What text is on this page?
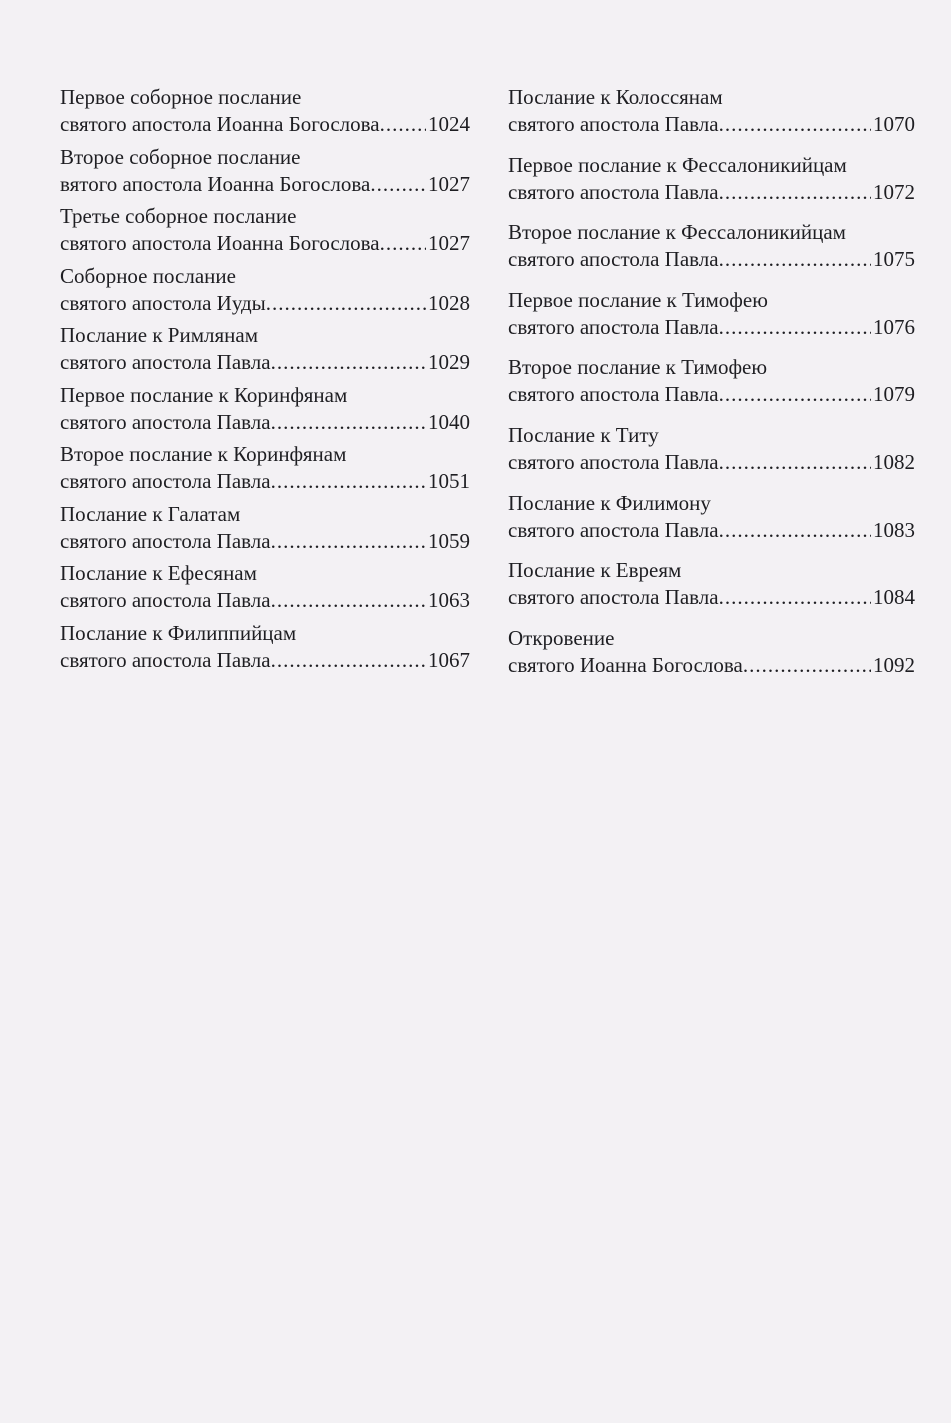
Первое соборное послание
святого апостола Иоанна Богослова ..... 1024
Второе соборное послание
вятого апостола Иоанна Богослова .....	1027
Третье соборное послание
святого апостола Иоанна Богослова ..... 1027
Соборное послание
святого апостола Иуды .....	1028
Послание к Римлянам
святого апостола Павла .....	1029
Первое послание к Коринфянам
святого апостола Павла .....	1040
Второе послание к Коринфянам
святого апостола Павла .....	1051
Послание к Галатам
святого апостола Павла .....	1059
Послание к Ефесянам
святого апостола Павла .....	1063
Послание к Филиппийцам
святого апостола Павла .....	1067
Послание к Колоссянам
святого апостола Павла .....	1070
Первое послание к Фессалоникийцам
святого апостола Павла .....	1072
Второе послание к Фессалоникийцам
святого апостола Павла .....	1075
Первое послание к Тимофею
святого апостола Павла .....	1076
Второе послание к Тимофею
святого апостола Павла .....	1079
Послание к Титу
святого апостола Павла .....	1082
Послание к Филимону
святого апостола Павла .....	1083
Послание к Евреям
святого апостола Павла .....	1084
Откровение
святого Иоанна Богослова .....	1092
